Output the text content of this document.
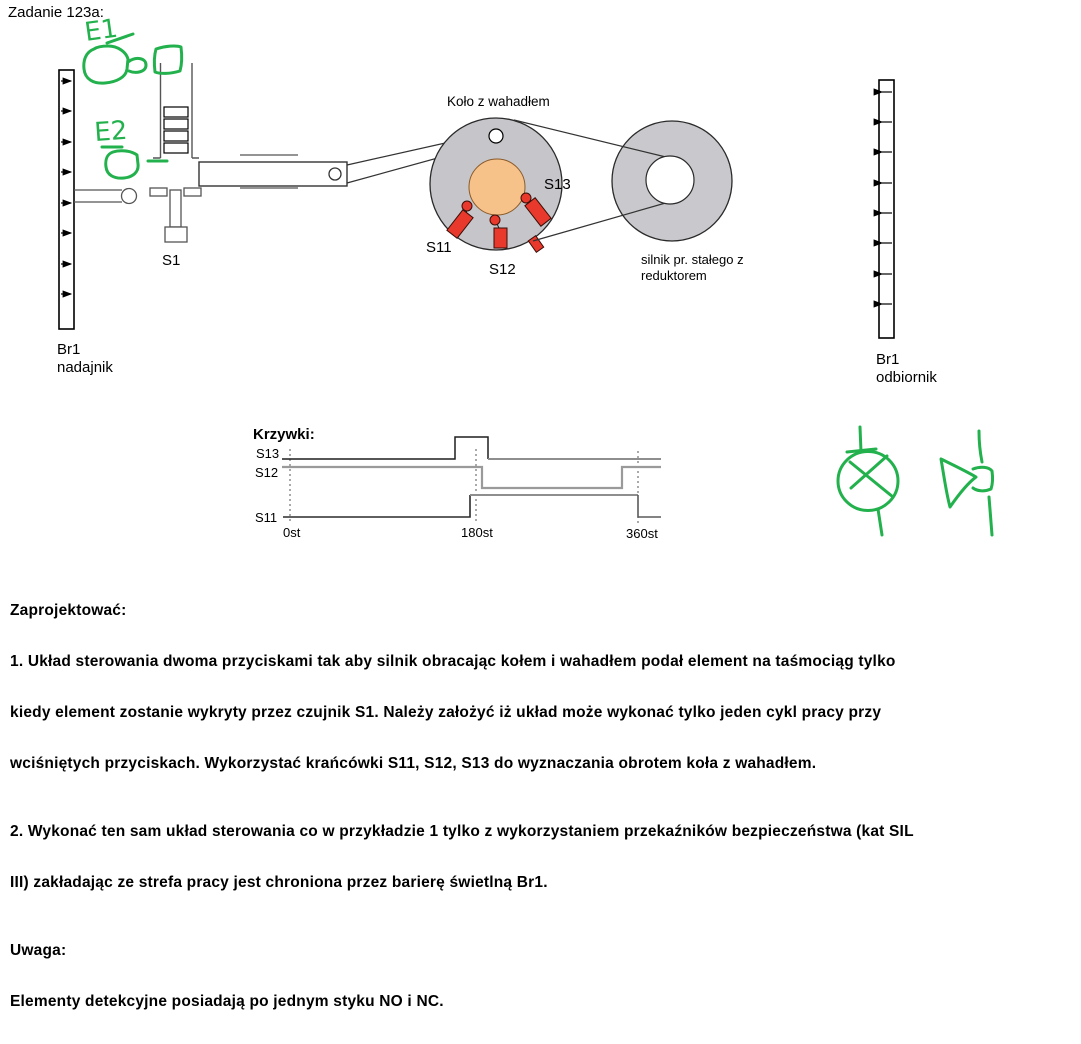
E1
E2
Zadanie 123a:
Br1
nadajnik	Br1
odbiornik
S1
Koło z wahadłem
S11
S12
S13
silnik pr. stałego z
reduktorem
Krzywki:
S13
S12
S11
0st	180st	360st

Zaprojektować:

1. Układ sterowania dwoma przyciskami tak aby silnik obracając kołem i wahadłem podał element na taśmociąg tylko

kiedy element zostanie wykryty przez czujnik S1. Należy założyć iż układ może wykonać tylko jeden cykl pracy przy

wciśniętych przyciskach. Wykorzystać krańcówki S11, S12, S13 do wyznaczania obrotem koła z wahadłem.

2. Wykonać ten sam układ sterowania co w przykładzie 1 tylko z wykorzystaniem przekaźników bezpieczeństwa (kat SIL

III) zakładając ze strefa pracy jest chroniona przez barierę świetlną Br1.

Uwaga:

Elementy detekcyjne posiadają po jednym styku NO i NC.
